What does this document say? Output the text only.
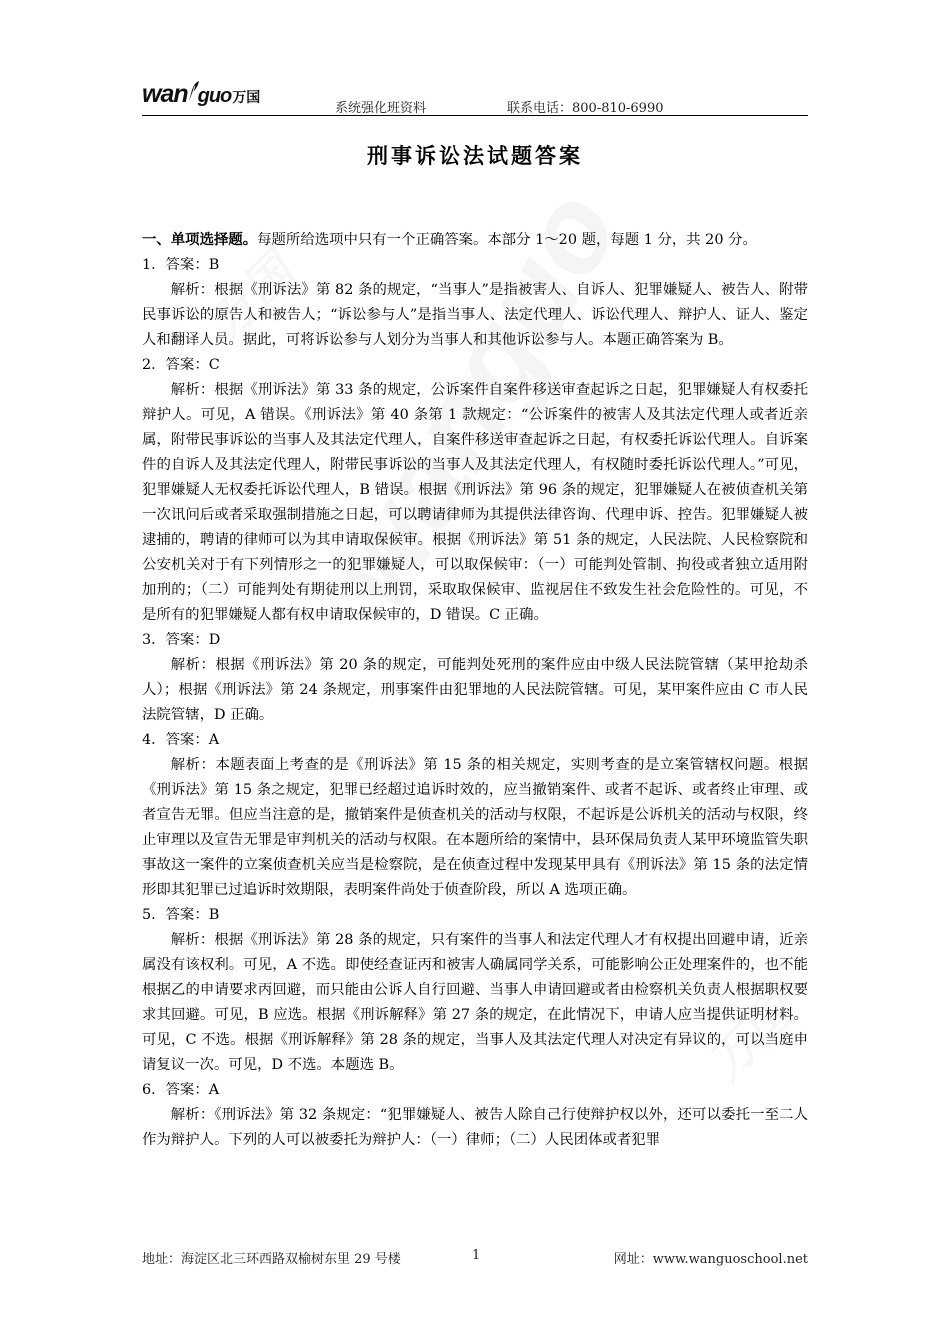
wan guo 万国
系统强化班资料	联系电话：800-810-6990
刑事诉讼法试题答案

一、单项选择题。每题所给选项中只有一个正确答案。本部分 1～20 题，每题 1 分，共 20 分。

1．答案：B

解析：根据《刑诉法》第 82 条的规定，“当事人”是指被害人、自诉人、犯罪嫌疑人、被告人、附带民事诉讼的原告人和被告人；“诉讼参与人”是指当事人、法定代理人、诉讼代理人、辩护人、证人、鉴定人和翻译人员。据此，可将诉讼参与人划分为当事人和其他诉讼参与人。本题正确答案为 B。

2．答案：C

解析：根据《刑诉法》第 33 条的规定，公诉案件自案件移送审查起诉之日起，犯罪嫌疑人有权委托辩护人。可见，A 错误。《刑诉法》第 40 条第 1 款规定：“公诉案件的被害人及其法定代理人或者近亲属，附带民事诉讼的当事人及其法定代理人，自案件移送审查起诉之日起，有权委托诉讼代理人。自诉案件的自诉人及其法定代理人，附带民事诉讼的当事人及其法定代理人，有权随时委托诉讼代理人。”可见，犯罪嫌疑人无权委托诉讼代理人，B 错误。根据《刑诉法》第 96 条的规定，犯罪嫌疑人在被侦查机关第一次讯问后或者采取强制措施之日起，可以聘请律师为其提供法律咨询、代理申诉、控告。犯罪嫌疑人被逮捕的，聘请的律师可以为其申请取保候审。根据《刑诉法》第 51 条的规定，人民法院、人民检察院和公安机关对于有下列情形之一的犯罪嫌疑人，可以取保候审：（一）可能判处管制、拘役或者独立适用附加刑的；（二）可能判处有期徒刑以上刑罚，采取取保候审、监视居住不致发生社会危险性的。可见，不是所有的犯罪嫌疑人都有权申请取保候审的，D 错误。C 正确。

3．答案：D

解析：根据《刑诉法》第 20 条的规定，可能判处死刑的案件应由中级人民法院管辖（某甲抢劫杀人）；根据《刑诉法》第 24 条规定，刑事案件由犯罪地的人民法院管辖。可见，某甲案件应由 C 市人民法院管辖，D 正确。

4．答案：A

解析：本题表面上考查的是《刑诉法》第 15 条的相关规定，实则考查的是立案管辖权问题。根据《刑诉法》第 15 条之规定，犯罪已经超过追诉时效的，应当撤销案件、或者不起诉、或者终止审理、或者宣告无罪。但应当注意的是，撤销案件是侦查机关的活动与权限，不起诉是公诉机关的活动与权限，终止审理以及宣告无罪是审判机关的活动与权限。在本题所给的案情中，县环保局负责人某甲环境监管失职事故这一案件的立案侦查机关应当是检察院，是在侦查过程中发现某甲具有《刑诉法》第 15 条的法定情形即其犯罪已过追诉时效期限，表明案件尚处于侦查阶段，所以 A 选项正确。

5．答案：B

解析：根据《刑诉法》第 28 条的规定，只有案件的当事人和法定代理人才有权提出回避申请，近亲属没有该权利。可见，A 不选。即使经查证丙和被害人确属同学关系，可能影响公正处理案件的，也不能根据乙的申请要求丙回避，而只能由公诉人自行回避、当事人申请回避或者由检察机关负责人根据职权要求其回避。可见，B 应选。根据《刑诉解释》第 27 条的规定，在此情况下，申请人应当提供证明材料。可见，C 不选。根据《刑诉解释》第 28 条的规定，当事人及其法定代理人对决定有异议的，可以当庭申请复议一次。可见，D 不选。本题选 B。

6．答案：A

解析：《刑诉法》第 32 条规定：“犯罪嫌疑人、被告人除自己行使辩护权以外，还可以委托一至二人作为辩护人。下列的人可以被委托为辩护人：（一）律师；（二）人民团体或者犯罪

地址：海淀区北三环西路双榆树东里 29 号楼	1	网址：www.wanguoschool.net
